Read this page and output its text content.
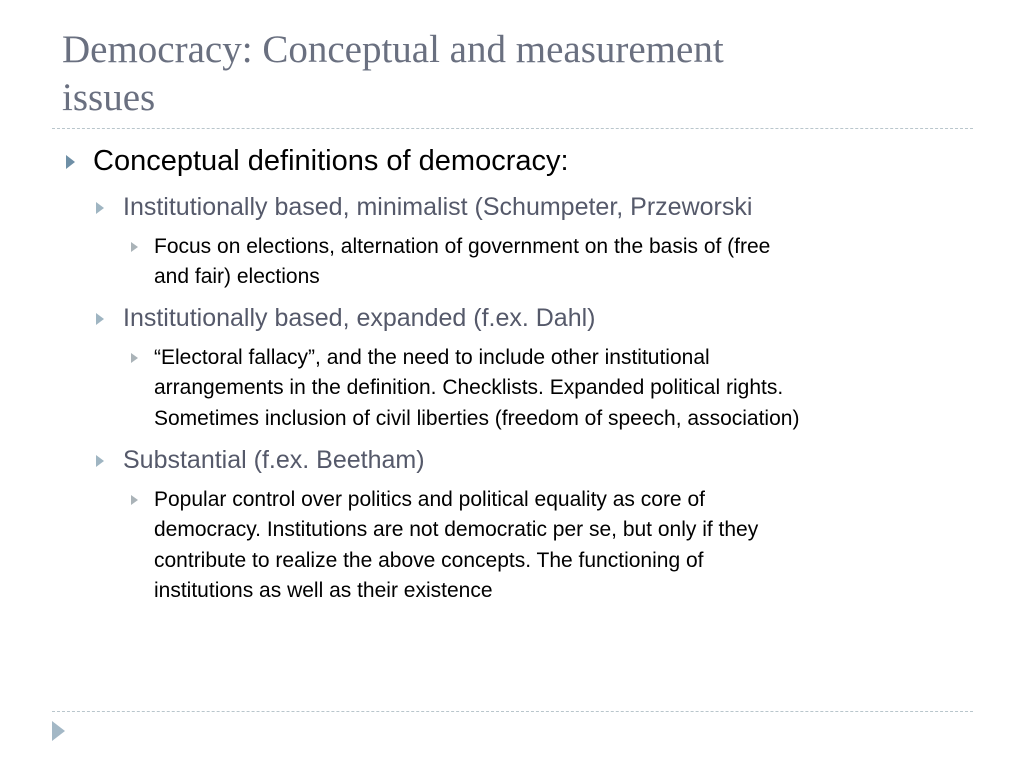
Democracy: Conceptual and measurement
issues
Conceptual definitions of democracy:
Institutionally based, minimalist (Schumpeter, Przeworski
Focus on elections, alternation of government on the basis of (free
and fair) elections
Institutionally based, expanded (f.ex. Dahl)
“Electoral fallacy”, and the need to include other institutional
arrangements in the definition. Checklists. Expanded political rights.
Sometimes inclusion of civil liberties (freedom of speech, association)
Substantial (f.ex. Beetham)
Popular control over politics and political equality as core of
democracy. Institutions are not democratic per se, but only if they
contribute to realize the above concepts. The functioning of
institutions as well as their existence
